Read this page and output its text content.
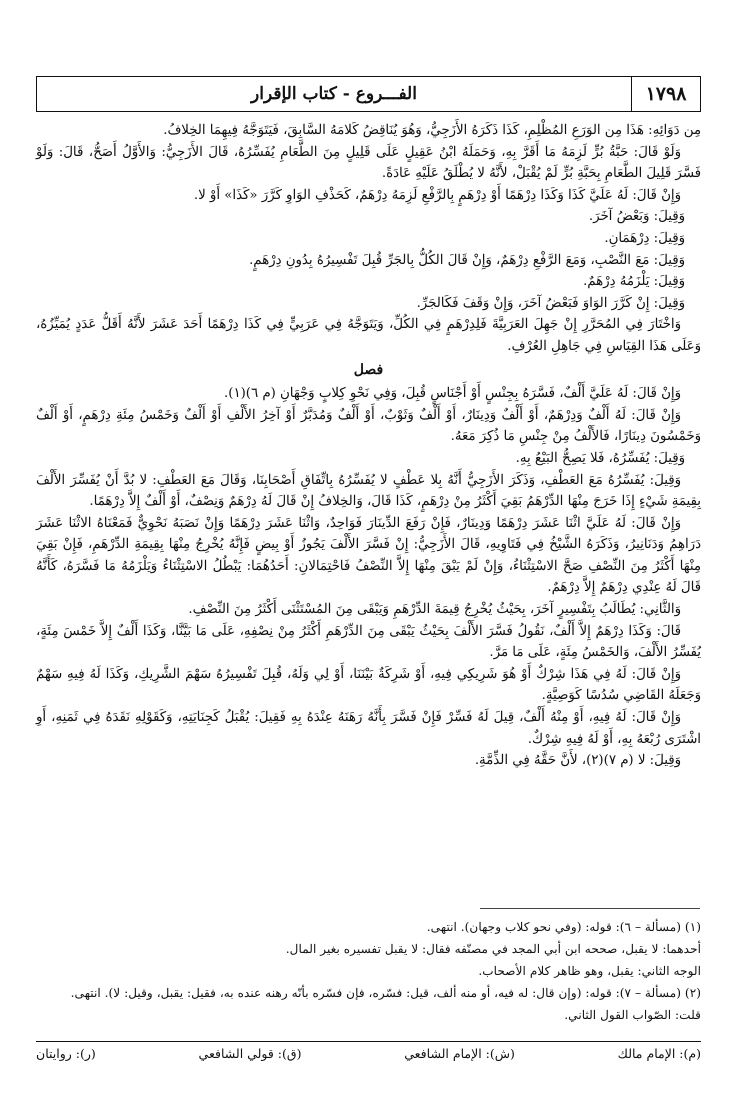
١٧٩٨
الفـــروع - كتاب الإقرار

مِن دَوَائِهِ: هَذَا مِن الوَرَعِ المُظْلِمِ، كَذَا ذَكَرَهُ الأَزَجِيُّ، وَهُوَ يُنَاقِضُ كَلامَهُ السَّابِقَ، فَيَتَوَجَّهُ فِيهِمَا الخِلافُ.

وَلَوْ قَالَ: حَبَّةُ بُرٍّ لَزِمَهُ مَا أَقَرَّ بِهِ، وَحَمَلَهُ ابْنُ عَقِيلٍ عَلَى قَلِيلٍ مِنَ الطَّعَامِ يُفَسِّرُهُ، قَالَ الأَزَجِيُّ: وَالأَوَّلُ أَصَحُّ، قَالَ: وَلَوْ فَسَّرَ قَلِيلَ الطَّعَامِ بِحَبَّةِ بُرٍّ لَمْ يُقْبَلْ، لأَنَّهُ لا يُطْلَقُ عَلَيْهِ عَادَةً.

وَإِنْ قَالَ: لَهُ عَلَيَّ كَذَا وَكَذَا دِرْهَمًا أَوْ دِرْهَمٍ بِالرَّفْعِ لَزِمَهُ دِرْهَمٌ، كَحَذْفِ الوَاوِ كَرَّرَ «كَذَا» أَوْ لا.

وَقِيلَ: وَبَعْضُ آخَرَ.

وَقِيلَ: دِرْهَمَانِ.

وَقِيلَ: مَعَ النَّصْبِ، وَمَعَ الرَّفْعِ دِرْهَمٌ، وَإِنْ قَالَ الكُلُّ بِالجَرِّ قُبِلَ تَفْسِيرُهُ بِدُونِ دِرْهَمٍ.

وَقِيلَ: يَلْزَمُهُ دِرْهَمٌ.

وَقِيلَ: إِنْ كَرَّرَ الوَاوَ فَبَعْضُ آخَرَ، وَإِنْ وَقَفَ فَكَالجَرِّ.

وَاخْتَارَ فِي المُحَرَّرِ إِنْ جَهِلَ العَرَبِيَّةَ فَلِدِرْهَمٍ فِي الكُلِّ، وَيَتَوَجَّهُ فِي عَرَبِيٍّ فِي كَذَا دِرْهَمًا أَحَدَ عَشَرَ لأَنَّهُ أَقَلُّ عَدَدٍ يُمَيِّزُهُ، وَعَلَى هَذَا القِيَاسِ فِي جَاهِلِ العُرْفِ.

فصل

وَإِنْ قَالَ: لَهُ عَلَيَّ أَلْفٌ، فَسَّرَهُ بِجِنْسٍ أَوْ أَجْنَاسٍ قُبِلَ، وَفِي نَحْوِ كِلابٍ وَجْهَانِ (م ٦)(١).

وَإِنْ قَالَ: لَهُ أَلْفٌ وَدِرْهَمٌ، أَوْ أَلْفٌ وَدِينَارٌ، أَوْ أَلْفٌ وَثَوْبٌ، أَوْ أَلْفٌ وَمُدَبَّرٌ أَوْ آخِرُ الأَلْفِ أَوْ أَلْفٌ وَخَمْسُ مِئَةِ دِرْهَمٍ، أَوْ أَلْفٌ وَخَمْسُونَ دِينَارًا، فَالأَلْفُ مِنْ جِنْسِ مَا ذُكِرَ مَعَهُ.

وَقِيلَ: يُفَسِّرُهُ، فَلا يَصِحُّ البَيْعُ بِهِ.

وَقِيلَ: يُفَسِّرُهُ مَعَ العَطْفِ، وَذَكَرَ الأَزَجِيُّ أَنَّهُ بِلا عَطْفٍ لا يُفَسِّرُهُ بِاتِّفَاقِ أَصْحَابِنَا، وَقَالَ مَعَ العَطْفِ: لا بُدَّ أَنْ يُفَسِّرَ الأَلْفَ بِقِيمَةِ شَيْءٍ إِذَا خَرَجَ مِنْهَا الدِّرْهَمُ بَقِيَ أَكْثَرُ مِنْ دِرْهَمٍ، كَذَا قَالَ، وَالخِلافُ إِنْ قَالَ لَهُ دِرْهَمٌ وَنِصْفٌ، أَوْ أَلْفٌ إِلاَّ دِرْهَمًا.

وَإِنْ قَالَ: لَهُ عَلَيَّ اثْنَا عَشَرَ دِرْهَمًا وَدِينَارٌ، فَإِنْ رَفَعَ الدِّينَارَ فَوَاحِدٌ، وَاثْنَا عَشَرَ دِرْهَمًا وَإِنْ نَصَبَهُ نَحْوِيٌّ فَمَعْنَاهُ الاثْنَا عَشَرَ دَرَاهِمُ وَدَنَانِيرُ، وَذَكَرَهُ الشَّيْخُ فِي فَتَاوِيهِ، قَالَ الأَزَجِيُّ: إِنْ فَسَّرَ الأَلْفَ يَجُوزُ أَوْ بِيضٍ فَإِنَّهُ يُخْرِجُ مِنْهَا بِقِيمَةِ الدِّرْهَمِ، فَإِنْ بَقِيَ مِنْهَا أَكْثَرُ مِنَ النِّصْفِ صَحَّ الاسْتِثْنَاءُ، وَإِنْ لَمْ يَبْقَ مِنْهَا إِلاَّ النِّصْفُ فَاحْتِمَالانِ: أَحَدُهُمَا: يَبْطُلُ الاسْتِثْنَاءُ وَيَلْزَمُهُ مَا فَسَّرَهُ، كَأَنَّهُ قَالَ لَهُ عِنْدِي دِرْهَمٌ إِلاَّ دِرْهَمٌ.

وَالثَّانِي: يُطَالَبُ بِتَفْسِيرٍ آخَرَ، بِحَيْثُ يُخْرِجُ قِيمَةَ الدِّرْهَمِ وَيَبْقَى مِنَ المُسْتَثْنَى أَكْثَرُ مِنَ النِّصْفِ.

قَالَ: وَكَذَا دِرْهَمٌ إِلاَّ أَلْفٌ، نَقُولُ فَسَّرَ الأَلْفَ بِحَيْثُ يَبْقَى مِنَ الدِّرْهَمِ أَكْثَرُ مِنْ نِصْفِهِ، عَلَى مَا بَيَّنَّا، وَكَذَا أَلْفٌ إِلاَّ خَمْسَ مِئَةٍ، يُفَسِّرُ الأَلْفَ، وَالخَمْسُ مِئَةٍ، عَلَى مَا مَرَّ.

وَإِنْ قَالَ: لَهُ فِي هَذَا شِرْكٌ أَوْ هُوَ شَرِيكِي فِيهِ، أَوْ شَرِكَةٌ بَيْنَنَا، أَوْ لِي وَلَهُ، قُبِلَ تَفْسِيرُهُ سَهْمَ الشَّرِيكِ، وَكَذَا لَهُ فِيهِ سَهْمٌ وَجَعَلَهُ القَاضِي سُدُسًا كَوَصِيَّةٍ.

وَإِنْ قَالَ: لَهُ فِيهِ، أَوْ مِنْهُ أَلْفٌ، قِيلَ لَهُ فَسِّرْ فَإِنْ فَسَّرَ بِأَنَّهُ رَهَنَهُ عِنْدَهُ بِهِ فَقِيلَ: يُقْبَلُ كَجِنَايَتِهِ، وَكَقَوْلِهِ نَقَدَهُ فِي ثَمَنِهِ، أَوِ اشْتَرَى رُبْعَهُ بِهِ، أَوْ لَهُ فِيهِ شِرْكٌ.

وَقِيلَ: لا (م ٧)(٢)، لأَنَّ حَقَّهُ فِي الذِّمَّةِ.

(١) (مسألة – ٦): قوله: (وفي نحو كلاب وجهان). انتهى.

أحدهما: لا يقبل، صححه ابن أبي المجد في مصنّفه فقال: لا يقبل تفسيره بغير المال.

الوجه الثاني: يقبل، وهو ظاهر كلام الأصحاب.

(٢) (مسألة – ٧): قوله: (وإن قال: له فيه، أو منه ألف، قيل: فسّره، فإن فسّره بأنّه رهنه عنده به، فقيل: يقبل، وقيل: لا). انتهى.

قلت: الصّواب القول الثاني.

(م): الإمام مالك
(ش): الإمام الشافعي
(ق): قولي الشافعي
(ر): روايتان
